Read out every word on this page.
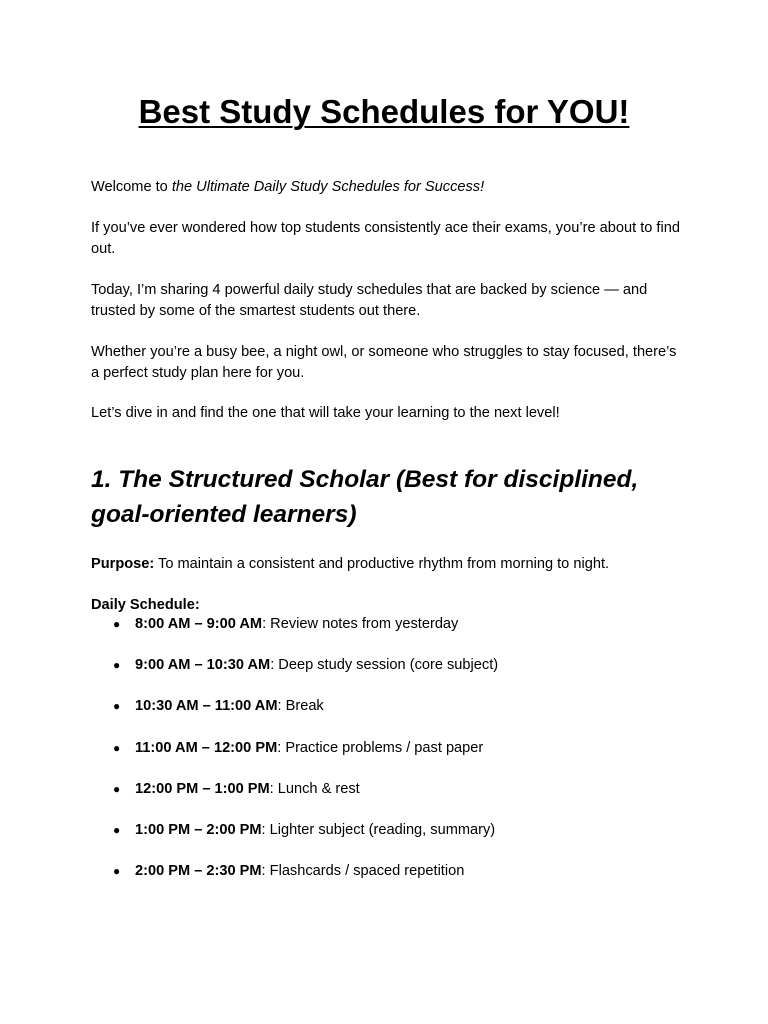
Best Study Schedules for YOU!

Welcome to the Ultimate Daily Study Schedules for Success!

If you’ve ever wondered how top students consistently ace their exams, you’re about to find out.

Today, I’m sharing 4 powerful daily study schedules that are backed by science — and trusted by some of the smartest students out there.

Whether you’re a busy bee, a night owl, or someone who struggles to stay focused, there’s a perfect study plan here for you.

Let’s dive in and find the one that will take your learning to the next level!

1. The Structured Scholar (Best for disciplined, goal-oriented learners)

Purpose: To maintain a consistent and productive rhythm from morning to night.

Daily Schedule:

● 8:00 AM – 9:00 AM: Review notes from yesterday
● 9:00 AM – 10:30 AM: Deep study session (core subject)
● 10:30 AM – 11:00 AM: Break
● 11:00 AM – 12:00 PM: Practice problems / past paper
● 12:00 PM – 1:00 PM: Lunch & rest
● 1:00 PM – 2:00 PM: Lighter subject (reading, summary)
● 2:00 PM – 2:30 PM: Flashcards / spaced repetition
